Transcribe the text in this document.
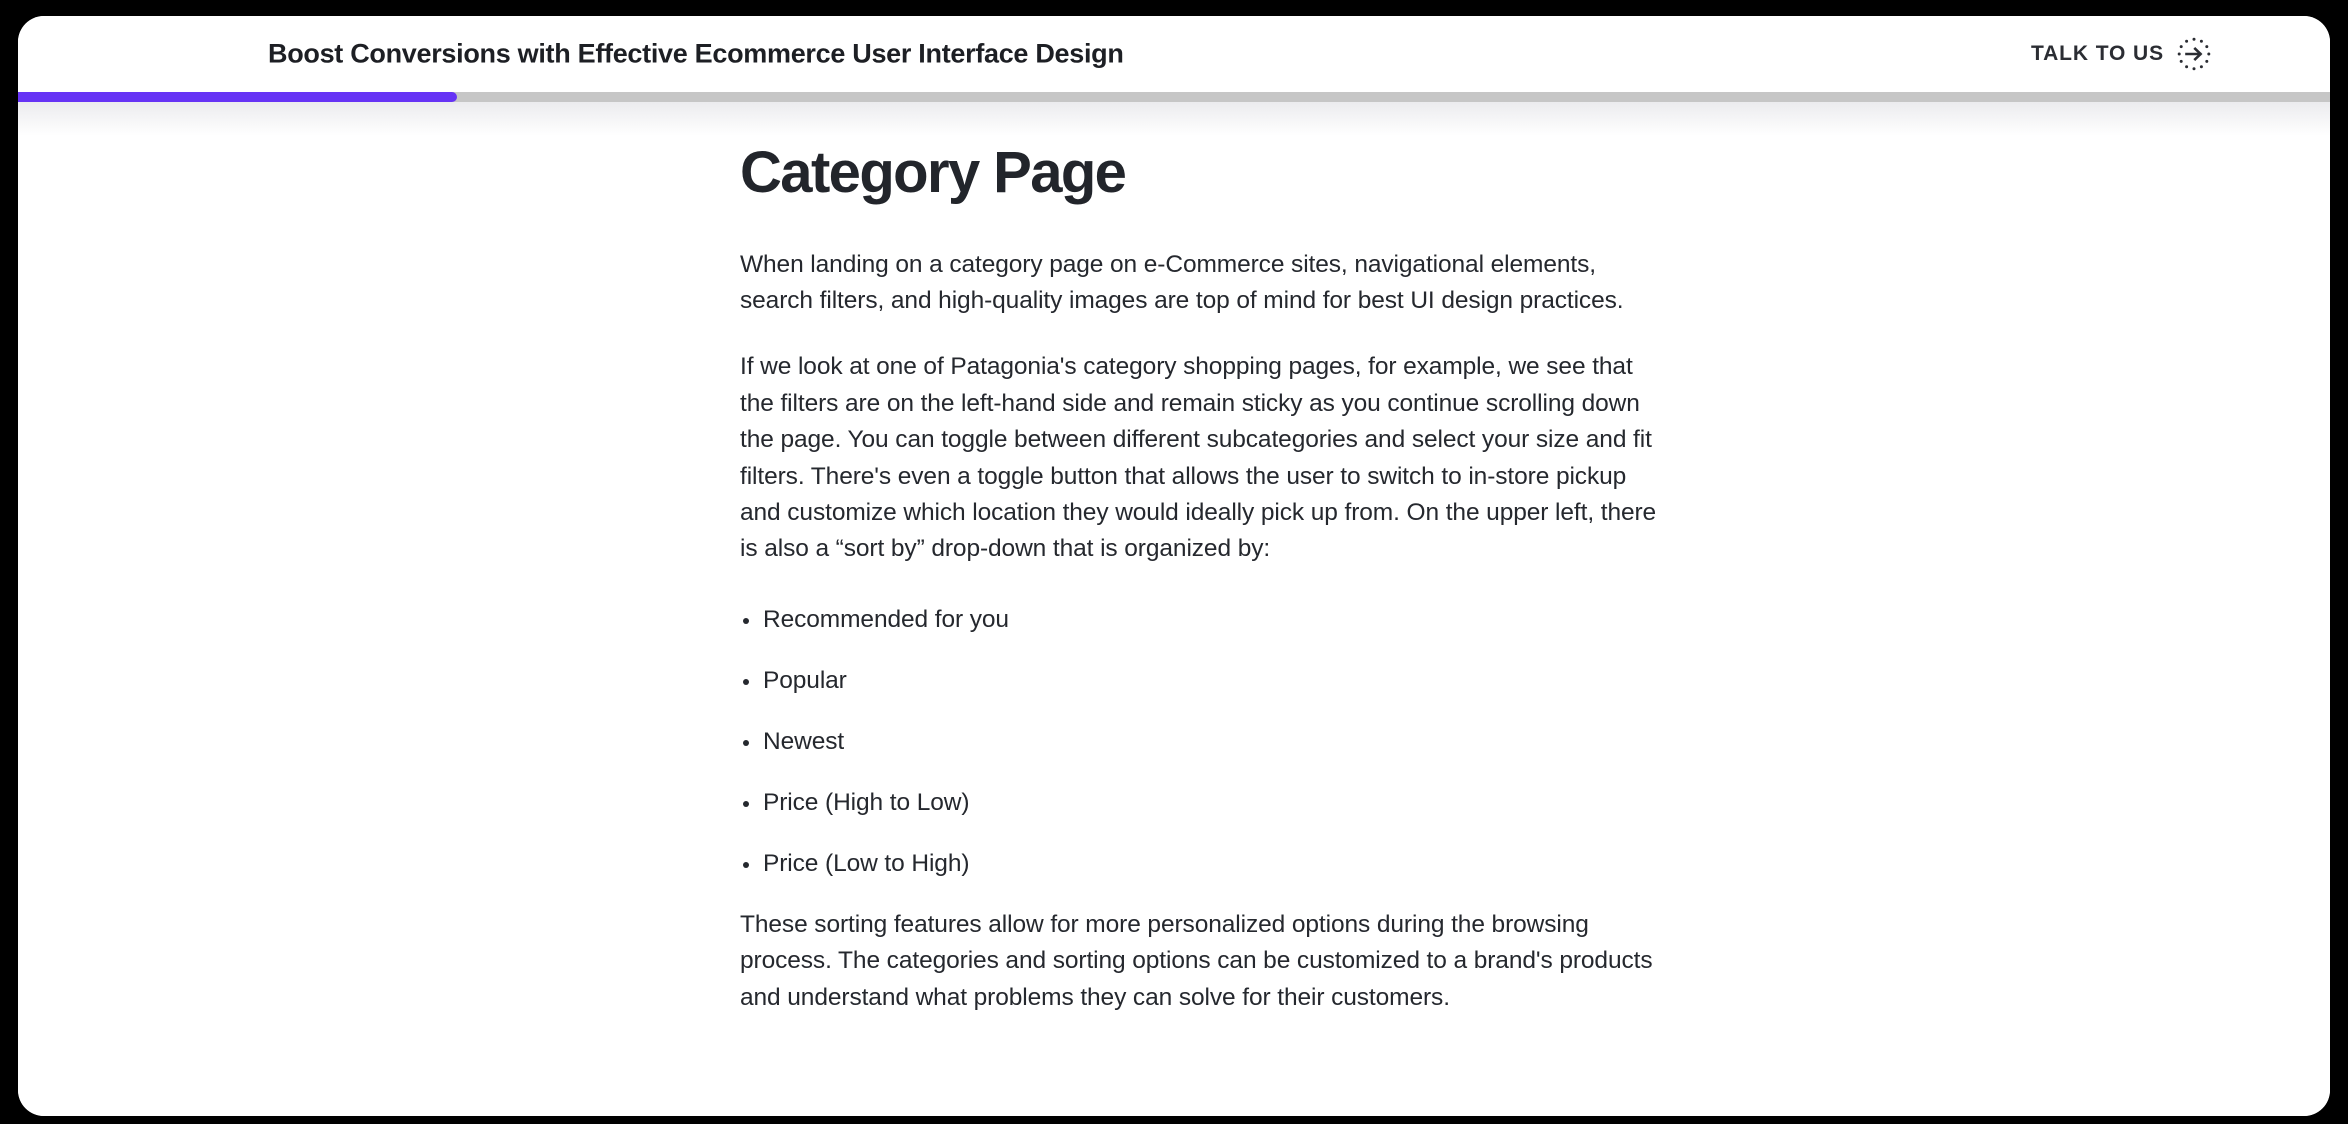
Boost Conversions with Effective Ecommerce User Interface Design	TALK TO US
Category Page

When landing on a category page on e-Commerce sites, navigational elements, search filters, and high-quality images are top of mind for best UI design practices.

If we look at one of Patagonia's category shopping pages, for example, we see that the filters are on the left-hand side and remain sticky as you continue scrolling down the page. You can toggle between different subcategories and select your size and fit filters. There's even a toggle button that allows the user to switch to in-store pickup and customize which location they would ideally pick up from. On the upper left, there is also a “sort by” drop-down that is organized by:

Recommended for you
Popular
Newest
Price (High to Low)
Price (Low to High)

These sorting features allow for more personalized options during the browsing process. The categories and sorting options can be customized to a brand's products and understand what problems they can solve for their customers.
